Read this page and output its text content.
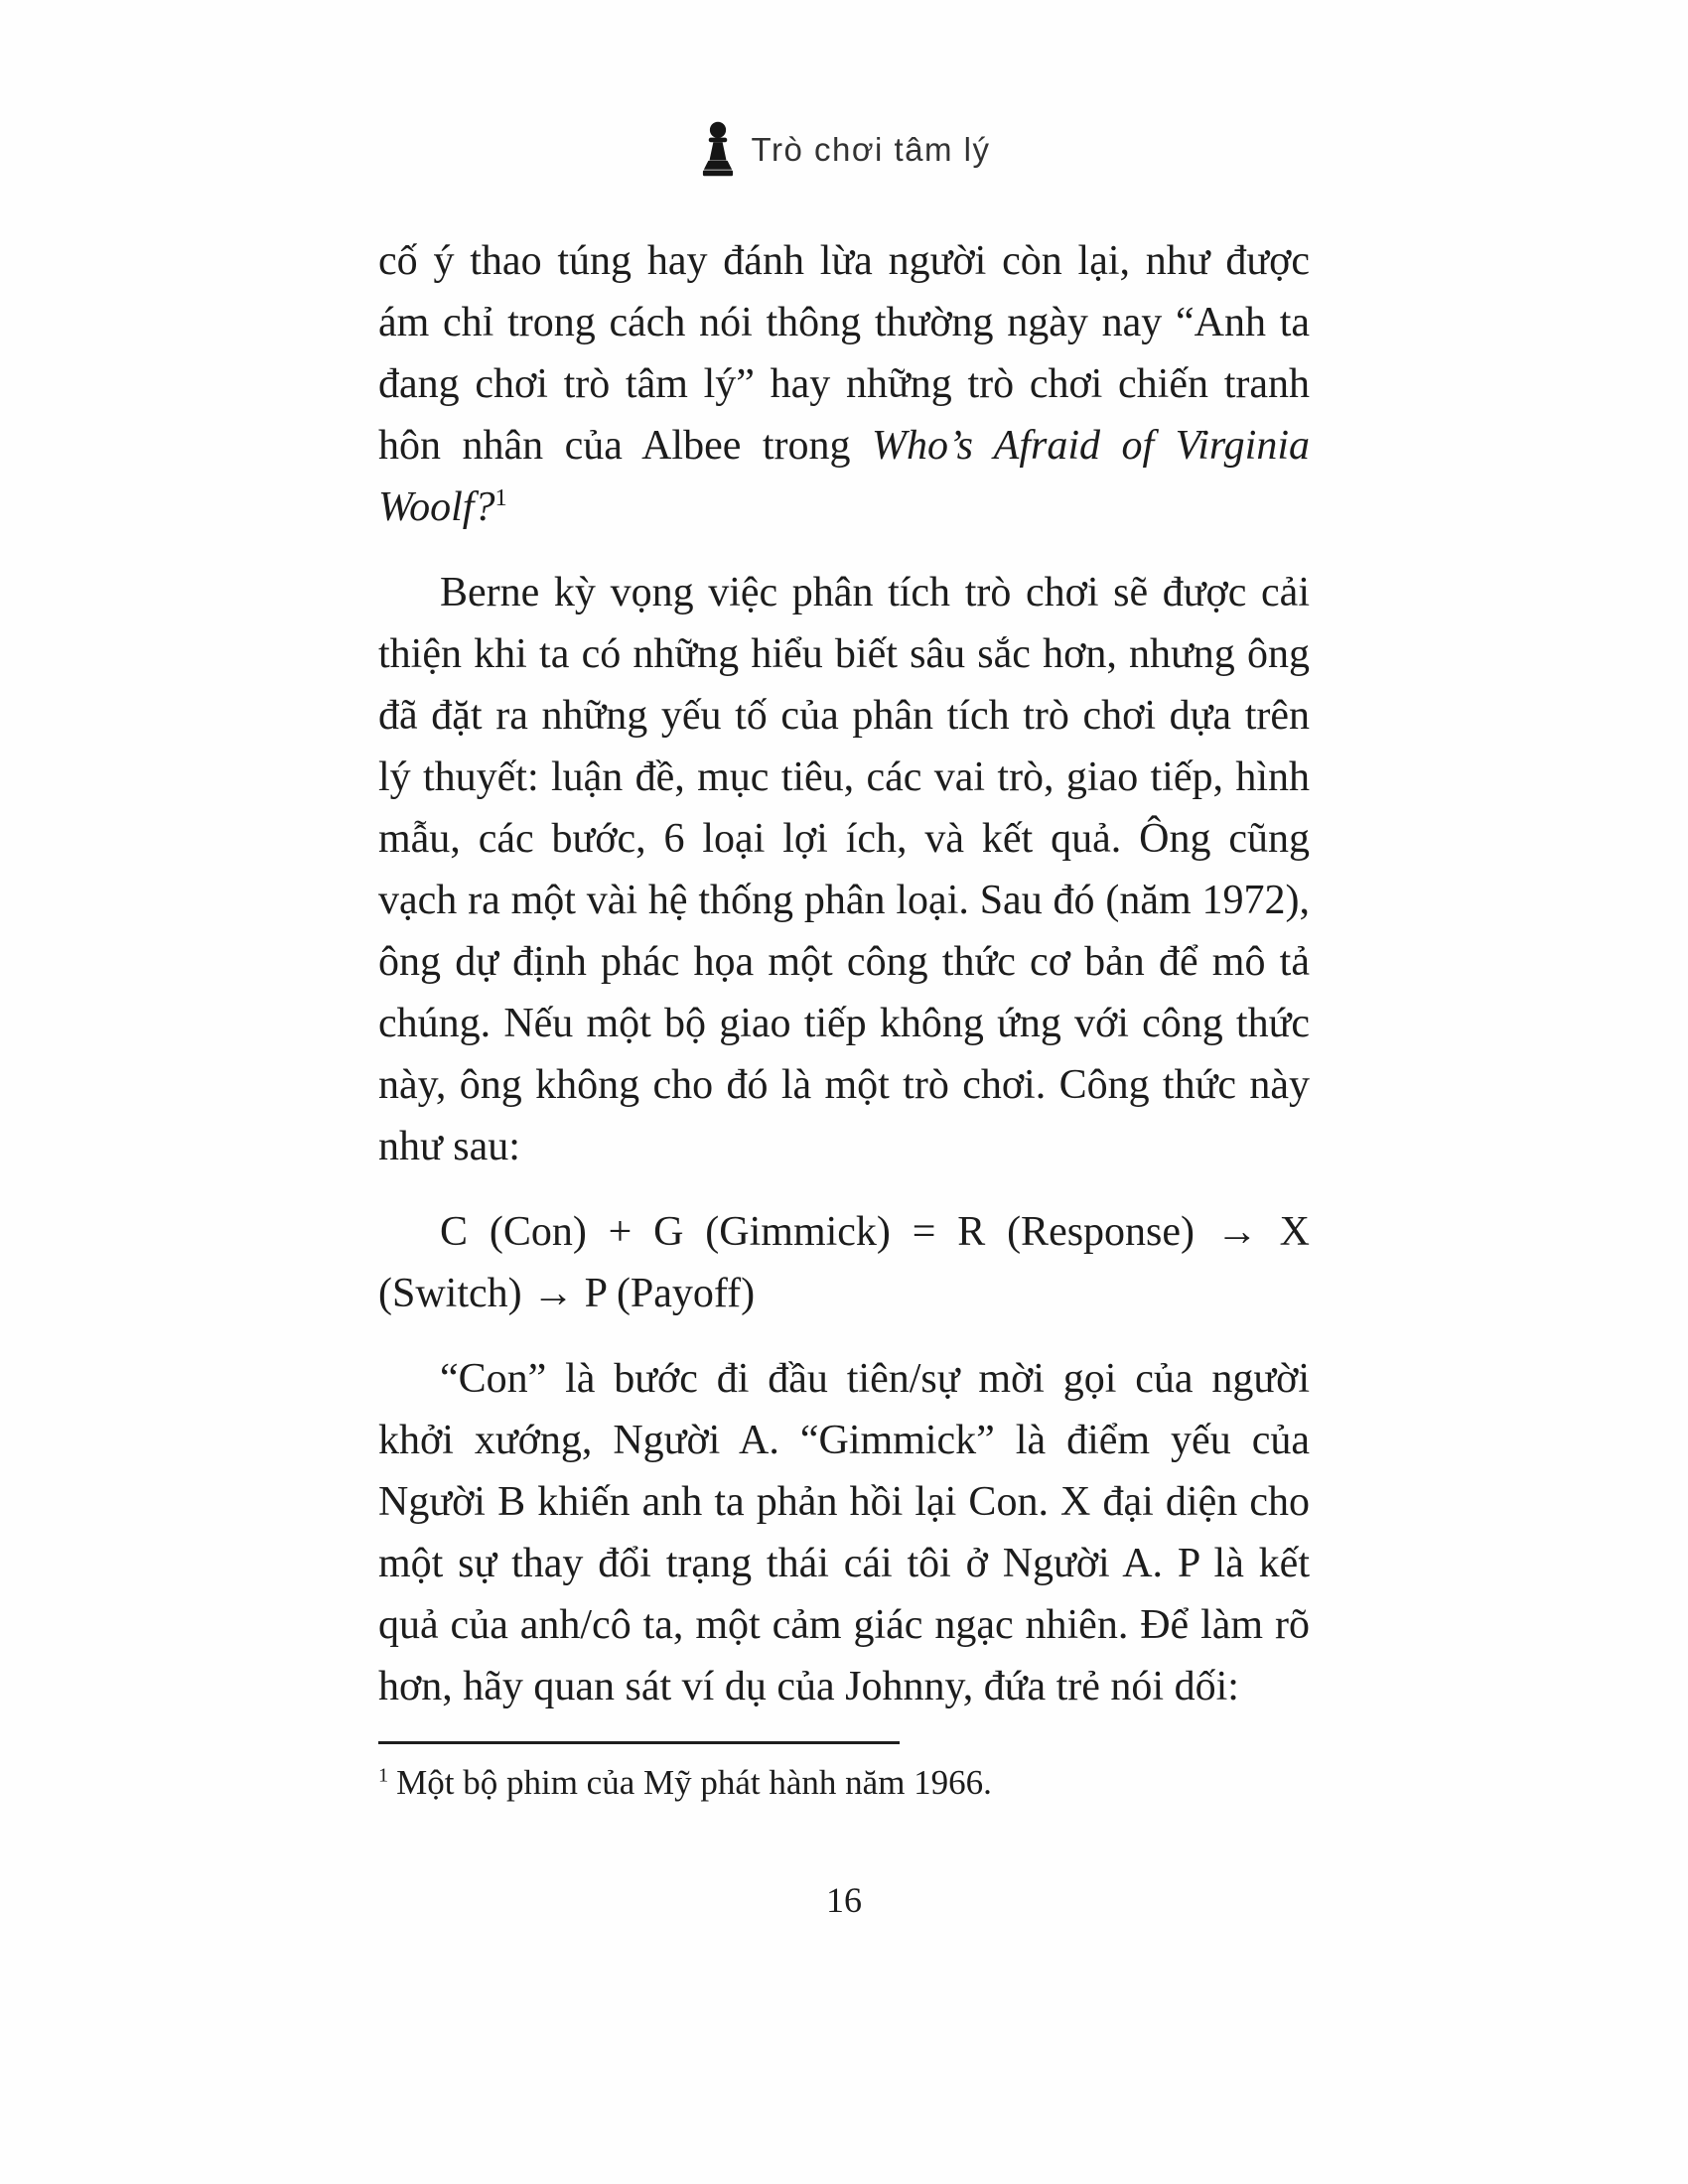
Trò chơi tâm lý

cố ý thao túng hay đánh lừa người còn lại, như được ám chỉ trong cách nói thông thường ngày nay “Anh ta đang chơi trò tâm lý” hay những trò chơi chiến tranh hôn nhân của Albee trong Who’s Afraid of Virginia Woolf?$^1$

Berne kỳ vọng việc phân tích trò chơi sẽ được cải thiện khi ta có những hiểu biết sâu sắc hơn, nhưng ông đã đặt ra những yếu tố của phân tích trò chơi dựa trên lý thuyết: luận đề, mục tiêu, các vai trò, giao tiếp, hình mẫu, các bước, 6 loại lợi ích, và kết quả. Ông cũng vạch ra một vài hệ thống phân loại. Sau đó (năm 1972), ông dự định phác họa một công thức cơ bản để mô tả chúng. Nếu một bộ giao tiếp không ứng với công thức này, ông không cho đó là một trò chơi. Công thức này như sau:

C (Con) + G (Gimmick) = R (Response) → X (Switch) → P (Payoff)

“Con” là bước đi đầu tiên/sự mời gọi của người khởi xướng, Người A. “Gimmick” là điểm yếu của Người B khiến anh ta phản hồi lại Con. X đại diện cho một sự thay đổi trạng thái cái tôi ở Người A. P là kết quả của anh/cô ta, một cảm giác ngạc nhiên. Để làm rõ hơn, hãy quan sát ví dụ của Johnny, đứa trẻ nói dối:

$^1$ Một bộ phim của Mỹ phát hành năm 1966.

16
